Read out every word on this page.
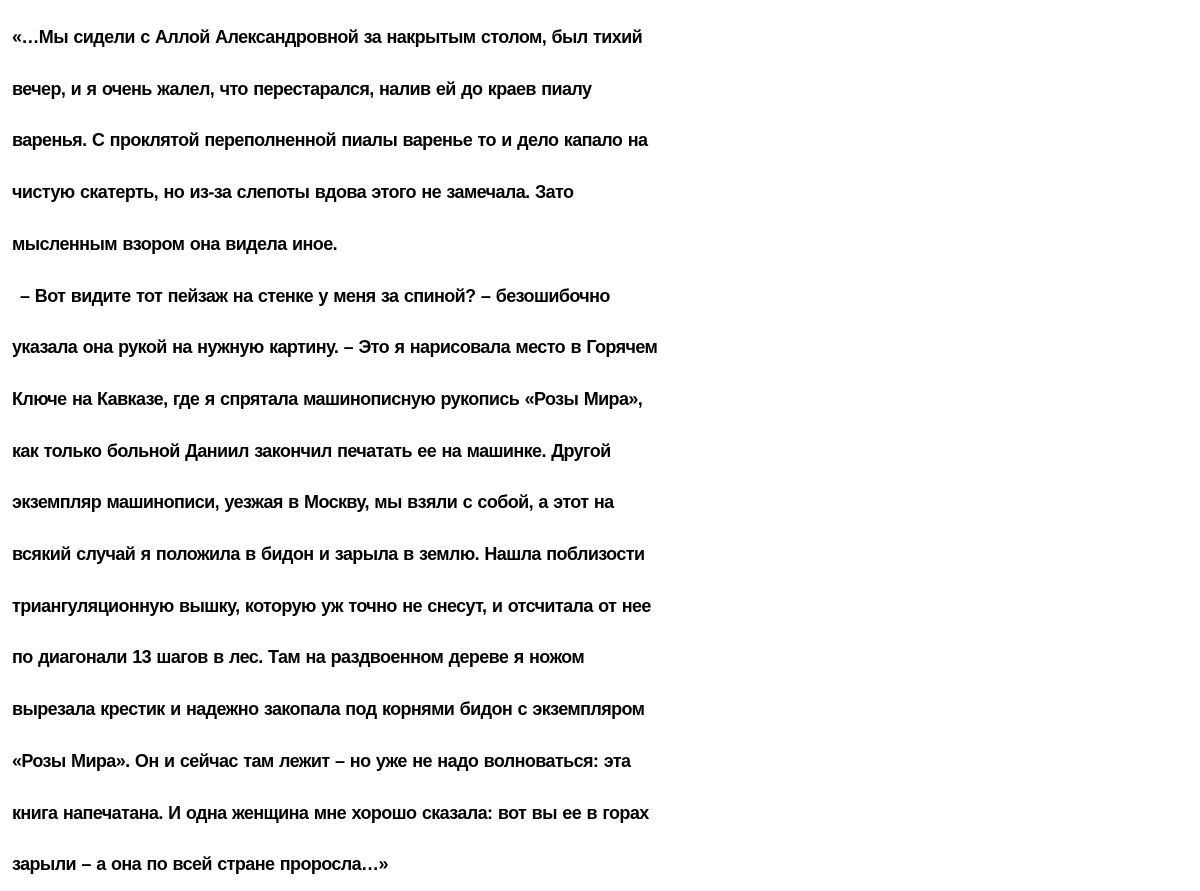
«…Мы сидели с Аллой Александровной за накрытым столом, был тихий
вечер, и я очень жалел, что перестарался, налив ей до краев пиалу
варенья. С проклятой переполненной пиалы варенье то и дело капало на
чистую скатерть, но из-за слепоты вдова этого не замечала. Зато
мысленным взором она видела иное.
– Вот видите тот пейзаж на стенке у меня за спиной? – безошибочно
указала она рукой на нужную картину. – Это я нарисовала место в Горячем
Ключе на Кавказе, где я спрятала машинописную рукопись «Розы Мира»,
как только больной Даниил закончил печатать ее на машинке. Другой
экземпляр машинописи, уезжая в Москву, мы взяли с собой, а этот на
всякий случай я положила в бидон и зарыла в землю. Нашла поблизости
триангуляционную вышку, которую уж точно не снесут, и отсчитала от нее
по диагонали 13 шагов в лес. Там на раздвоенном дереве я ножом
вырезала крестик и надежно закопала под корнями бидон с экземпляром
«Розы Мира». Он и сейчас там лежит – но уже не надо волноваться: эта
книга напечатана. И одна женщина мне хорошо сказала: вот вы ее в горах
зарыли – а она по всей стране проросла…»
